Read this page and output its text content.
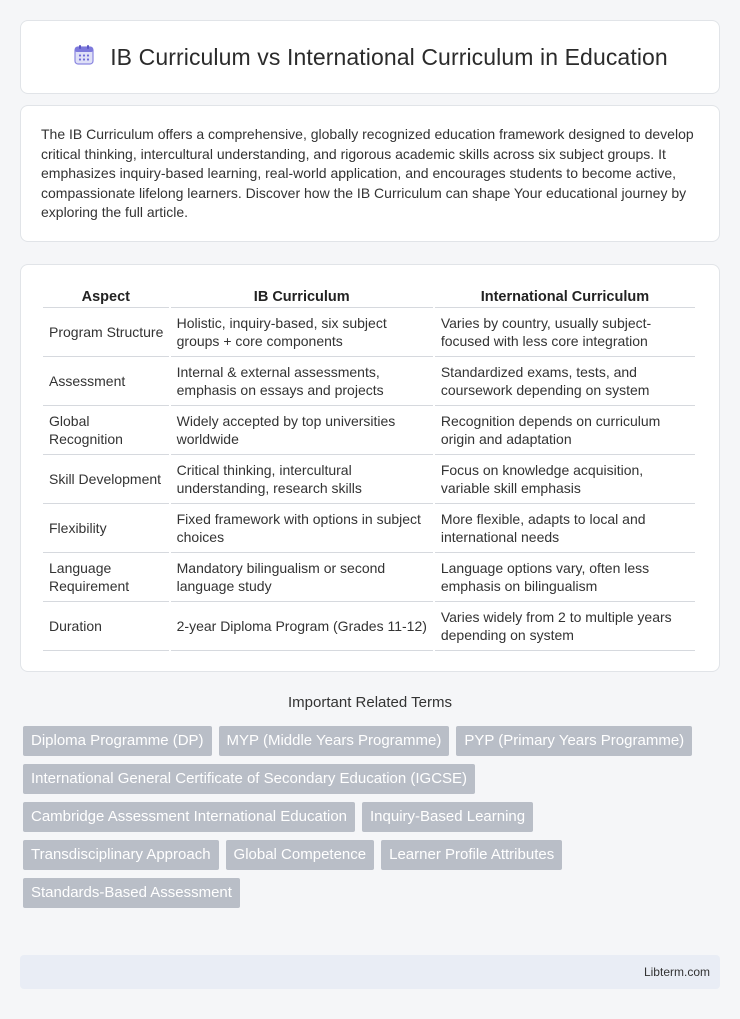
IB Curriculum vs International Curriculum in Education

The IB Curriculum offers a comprehensive, globally recognized education framework designed to develop critical thinking, intercultural understanding, and rigorous academic skills across six subject groups. It emphasizes inquiry-based learning, real-world application, and encourages students to become active, compassionate lifelong learners. Discover how the IB Curriculum can shape Your educational journey by exploring the full article.

Aspect	IB Curriculum	International Curriculum
Program Structure	Holistic, inquiry-based, six subject groups + core components	Varies by country, usually subject-focused with less core integration
Assessment	Internal & external assessments, emphasis on essays and projects	Standardized exams, tests, and coursework depending on system
Global Recognition	Widely accepted by top universities worldwide	Recognition depends on curriculum origin and adaptation
Skill Development	Critical thinking, intercultural understanding, research skills	Focus on knowledge acquisition, variable skill emphasis
Flexibility	Fixed framework with options in subject choices	More flexible, adapts to local and international needs
Language Requirement	Mandatory bilingualism or second language study	Language options vary, often less emphasis on bilingualism
Duration	2-year Diploma Program (Grades 11-12)	Varies widely from 2 to multiple years depending on system
Important Related Terms
Diploma Programme (DP)	MYP (Middle Years Programme)	PYP (Primary Years Programme)
International General Certificate of Secondary Education (IGCSE)
Cambridge Assessment International Education	Inquiry-Based Learning
Transdisciplinary Approach	Global Competence	Learner Profile Attributes
Standards-Based Assessment
Libterm.com
